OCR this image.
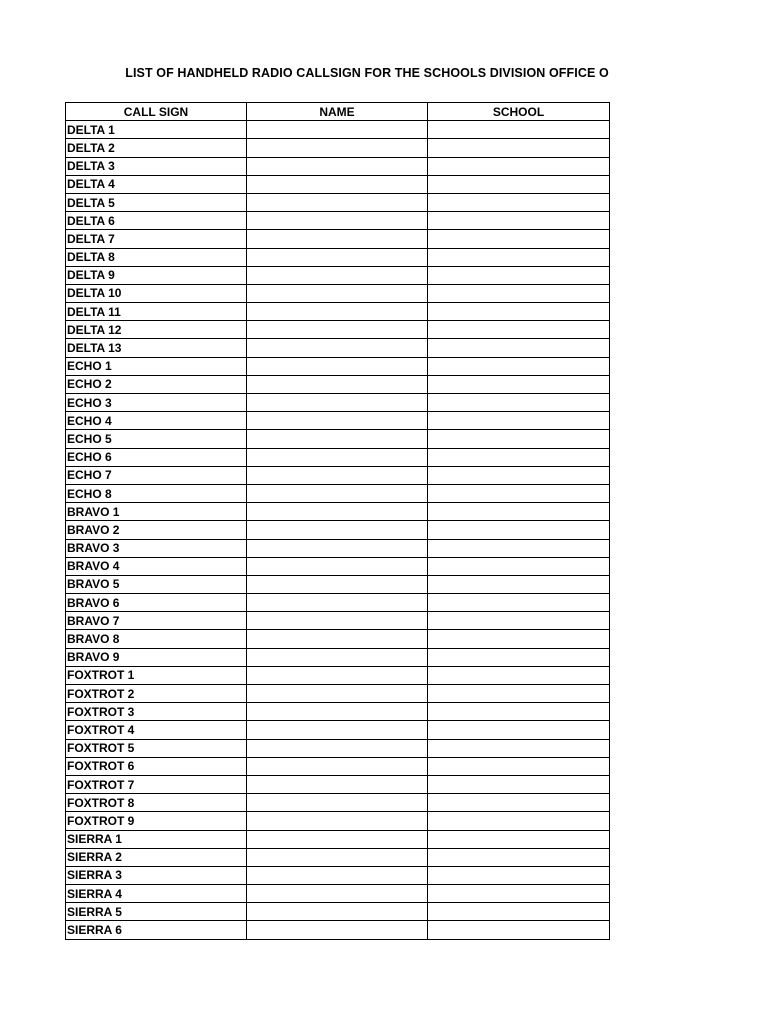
LIST OF HANDHELD RADIO CALLSIGN FOR THE SCHOOLS DIVISION OFFICE O
CALL SIGN	NAME	SCHOOL
DELTA 1		
DELTA 2		
DELTA 3		
DELTA 4		
DELTA 5		
DELTA 6		
DELTA 7		
DELTA 8		
DELTA 9		
DELTA 10		
DELTA 11		
DELTA 12		
DELTA 13		
ECHO 1		
ECHO 2		
ECHO 3		
ECHO 4		
ECHO 5		
ECHO 6		
ECHO 7		
ECHO 8		
BRAVO 1		
BRAVO 2		
BRAVO 3		
BRAVO 4		
BRAVO 5		
BRAVO 6		
BRAVO 7		
BRAVO 8		
BRAVO 9		
FOXTROT 1		
FOXTROT 2		
FOXTROT 3		
FOXTROT 4		
FOXTROT 5		
FOXTROT 6		
FOXTROT 7		
FOXTROT 8		
FOXTROT 9		
SIERRA 1		
SIERRA 2		
SIERRA 3		
SIERRA 4		
SIERRA 5		
SIERRA 6		
